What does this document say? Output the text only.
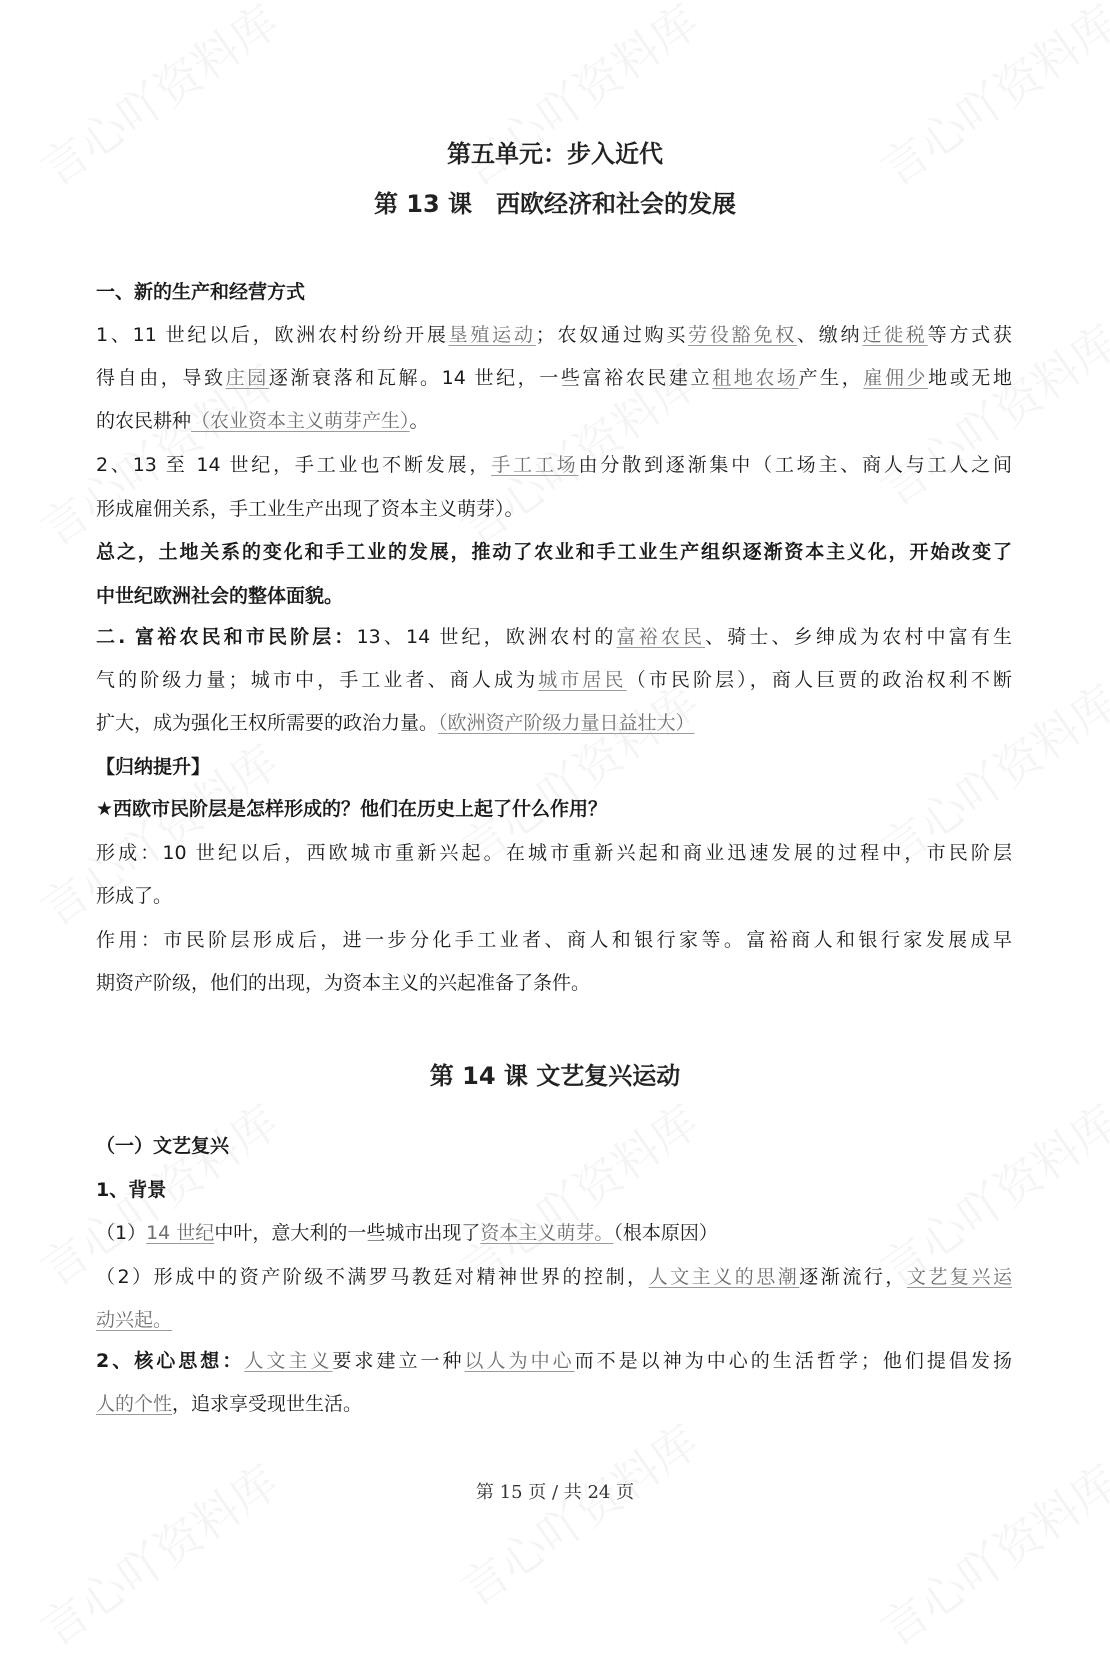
第五单元：步入近代
第 13 课　西欧经济和社会的发展
第 14 课 文艺复兴运动
一、新的生产和经营方式
1、11 世纪以后，欧洲农村纷纷开展垦殖运动；农奴通过购买劳役豁免权、缴纳迁徙税等方式获
得自由，导致庄园逐渐衰落和瓦解。14 世纪，一些富裕农民建立租地农场产生，雇佣少地或无地
的农民耕种（农业资本主义萌芽产生）。
2、13 至 14 世纪，手工业也不断发展，手工工场由分散到逐渐集中（工场主、商人与工人之间
形成雇佣关系，手工业生产出现了资本主义萌芽）。
总之，土地关系的变化和手工业的发展，推动了农业和手工业生产组织逐渐资本主义化，开始改变了
中世纪欧洲社会的整体面貌。
二. 富裕农民和市民阶层：13、14 世纪，欧洲农村的富裕农民、骑士、乡绅成为农村中富有生
气的阶级力量；城市中，手工业者、商人成为城市居民（市民阶层），商人巨贾的政治权利不断
扩大，成为强化王权所需要的政治力量。（欧洲资产阶级力量日益壮大）
【归纳提升】
★西欧市民阶层是怎样形成的？他们在历史上起了什么作用？
形成：10 世纪以后，西欧城市重新兴起。在城市重新兴起和商业迅速发展的过程中，市民阶层
形成了。
作用：市民阶层形成后，进一步分化手工业者、商人和银行家等。富裕商人和银行家发展成早
期资产阶级，他们的出现，为资本主义的兴起准备了条件。
（一）文艺复兴
1、背景
（1）14 世纪中叶，意大利的一些城市出现了资本主义萌芽。（根本原因）
（2）形成中的资产阶级不满罗马教廷对精神世界的控制，人文主义的思潮逐渐流行，文艺复兴运
动兴起。
2、核心思想：人文主义要求建立一种以人为中心而不是以神为中心的生活哲学；他们提倡发扬
人的个性，追求享受现世生活。
第 15 页 / 共 24 页
